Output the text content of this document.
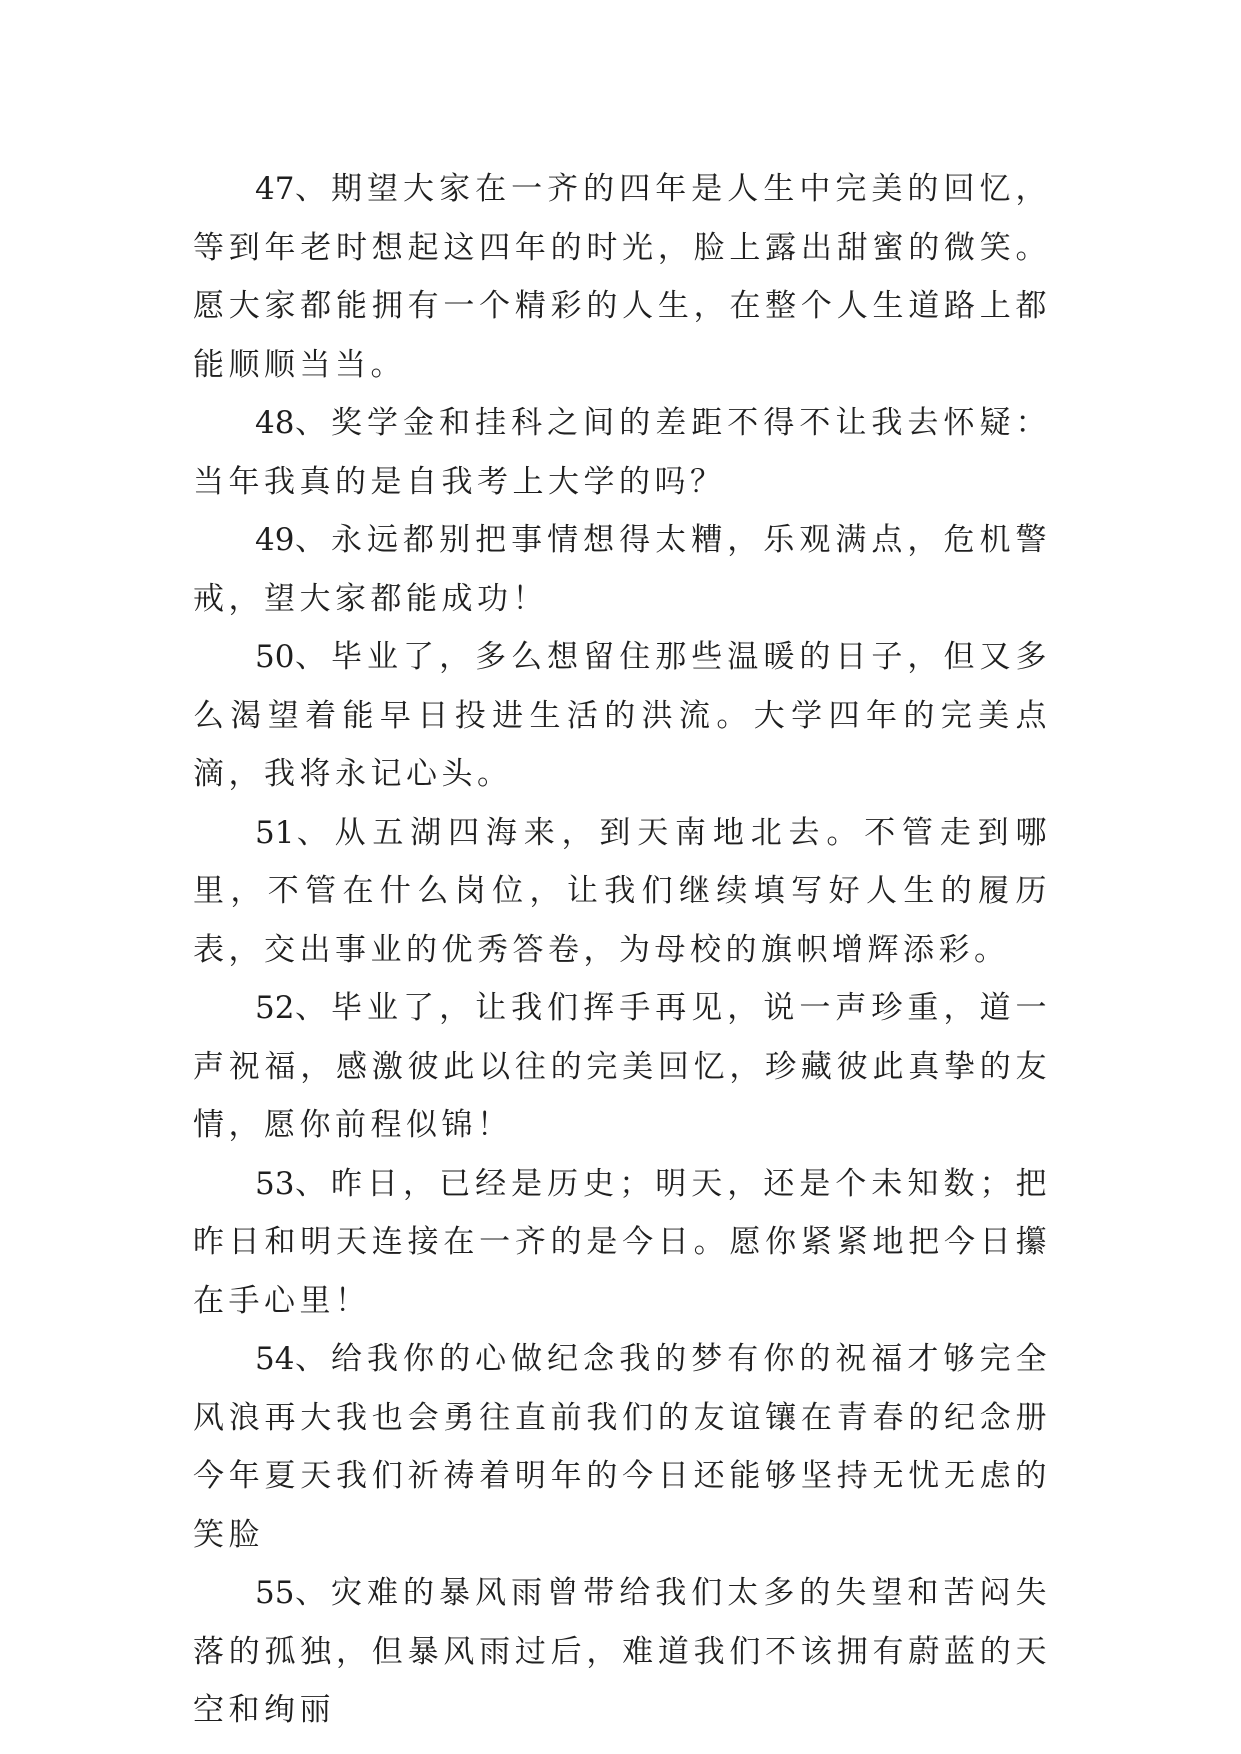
47、期望大家在一齐的四年是人生中完美的回忆，等到年老时想起这四年的时光，脸上露出甜蜜的微笑。愿大家都能拥有一个精彩的人生，在整个人生道路上都能顺顺当当。

48、奖学金和挂科之间的差距不得不让我去怀疑：当年我真的是自我考上大学的吗？

49、永远都别把事情想得太糟，乐观满点，危机警戒，望大家都能成功！

50、毕业了，多么想留住那些温暖的日子，但又多么渴望着能早日投进生活的洪流。大学四年的完美点滴，我将永记心头。

51、从五湖四海来，到天南地北去。不管走到哪里，不管在什么岗位，让我们继续填写好人生的履历表，交出事业的优秀答卷，为母校的旗帜增辉添彩。

52、毕业了，让我们挥手再见，说一声珍重，道一声祝福，感激彼此以往的完美回忆，珍藏彼此真挚的友情，愿你前程似锦！

53、昨日，已经是历史；明天，还是个未知数；把昨日和明天连接在一齐的是今日。愿你紧紧地把今日攥在手心里！

54、给我你的心做纪念我的梦有你的祝福才够完全风浪再大我也会勇往直前我们的友谊镶在青春的纪念册今年夏天我们祈祷着明年的今日还能够坚持无忧无虑的笑脸

55、灾难的暴风雨曾带给我们太多的失望和苦闷失落的孤独，但暴风雨过后，难道我们不该拥有蔚蓝的天空和绚丽
